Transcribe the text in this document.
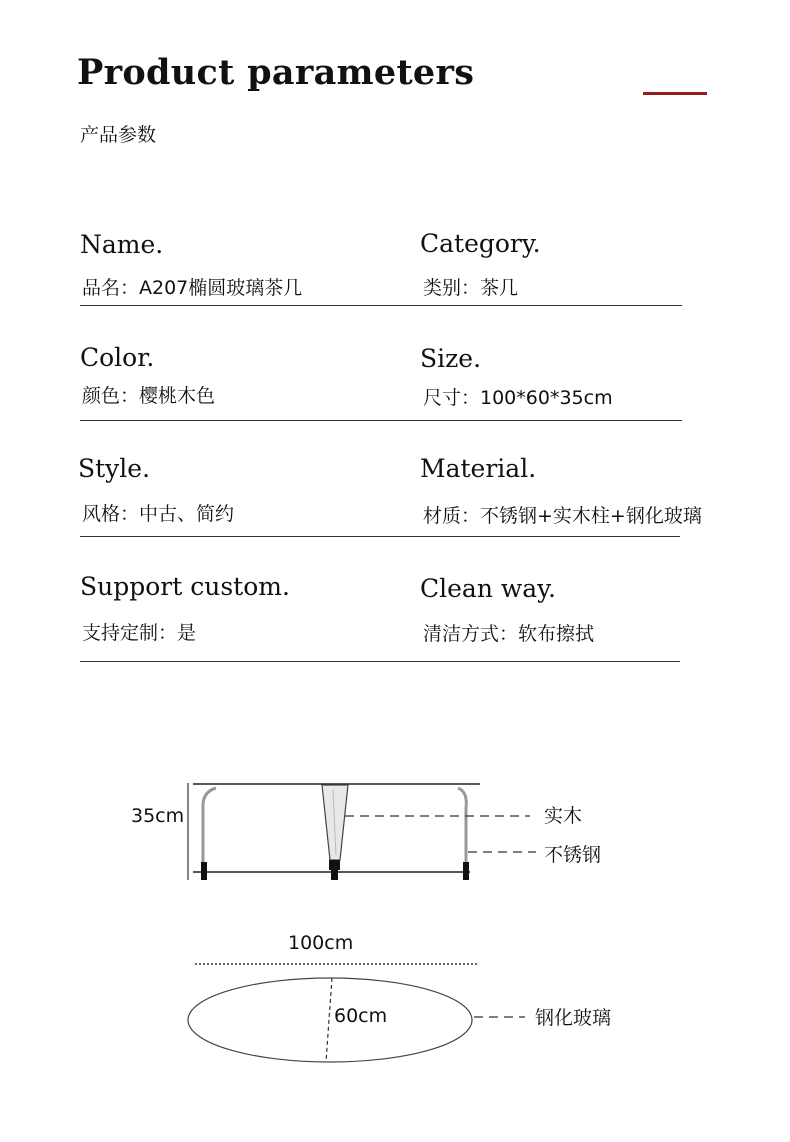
Product parameters
产品参数
Name.
品名：A207椭圆玻璃茶几
Category.
类别：茶几
Color.
颜色：樱桃木色
Size.
尺寸：100*60*35cm
Style.
风格：中古、简约
Material.
材质：不锈钢+实木柱+钢化玻璃
Support custom.
支持定制：是
Clean way.
清洁方式：软布擦拭
35cm	实木
不锈钢
100cm
60cm	钢化玻璃
